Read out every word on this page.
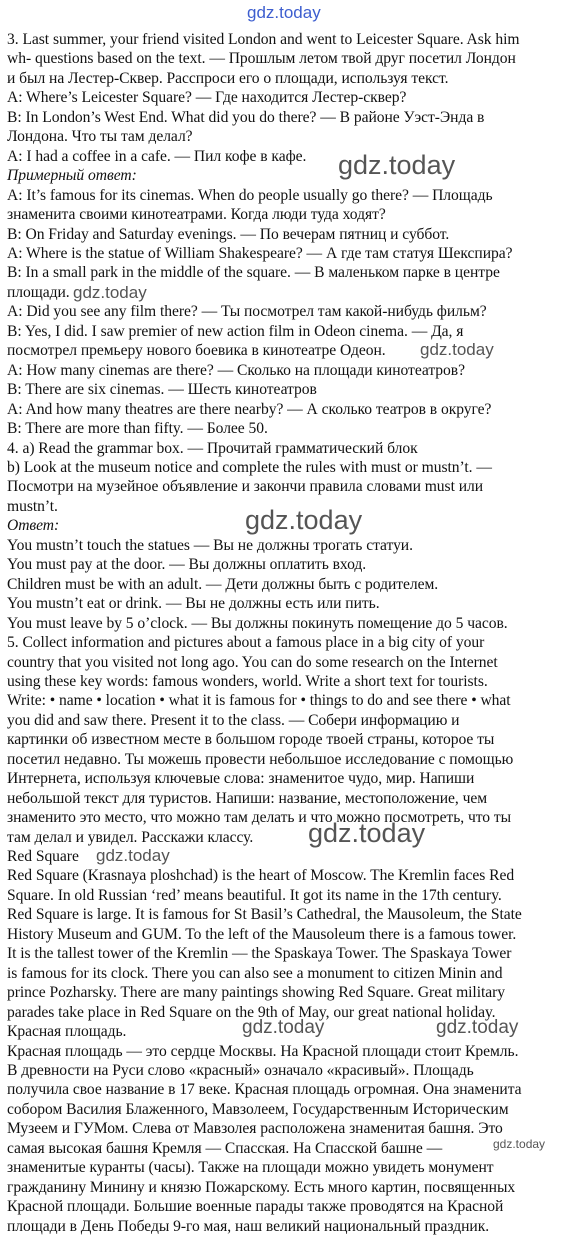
gdz.today
3. Last summer, your friend visited London and went to Leicester Square. Ask him
wh- questions based on the text. — Прошлым летом твой друг посетил Лондон
и был на Лестер-Сквер. Расспроси его о площади, используя текст.
A: Where’s Leicester Square? — Где находится Лестер-сквер?
B: In London’s West End. What did you do there? — В районе Уэст-Энда в
Лондона. Что ты там делал?
A: I had a coffee in a cafe. — Пил кофе в кафе.
Примерный ответ:
A: It’s famous for its cinemas. When do people usually go there? — Площадь
знаменита своими кинотеатрами. Когда люди туда ходят?
B: On Friday and Saturday evenings. — По вечерам пятниц и суббот.
A: Where is the statue of William Shakespeare? — А где там статуя Шекспира?
B: In a small park in the middle of the square. — В маленьком парке в центре
площади.
A: Did you see any film there? — Ты посмотрел там какой-нибудь фильм?
B: Yes, I did. I saw premier of new action film in Odeon cinema. — Да, я
посмотрел премьеру нового боевика в кинотеатре Одеон.
A: How many cinemas are there? — Сколько на площади кинотеатров?
B: There are six cinemas. — Шесть кинотеатров
A: And how many theatres are there nearby? — А сколько театров в округе?
B: There are more than fifty. — Более 50.
4. a) Read the grammar box. — Прочитай грамматический блок
b) Look at the museum notice and complete the rules with must or mustn’t. —
Посмотри на музейное объявление и закончи правила словами must или
mustn’t.
Ответ:
You mustn’t touch the statues — Вы не должны трогать статуи.
You must pay at the door. — Вы должны оплатить вход.
Children must be with an adult. — Дети должны быть с родителем.
You mustn’t eat or drink. — Вы не должны есть или пить.
You must leave by 5 o’clock. — Вы должны покинуть помещение до 5 часов.
5. Collect information and pictures about a famous place in a big city of your
country that you visited not long ago. You can do some research on the Internet
using these key words: famous wonders, world. Write a short text for tourists.
Write: • name • location • what it is famous for • things to do and see there • what
you did and saw there. Present it to the class. — Собери информацию и
картинки об известном месте в большом городе твоей страны, которое ты
посетил недавно. Ты можешь провести небольшое исследование с помощью
Интернета, используя ключевые слова: знаменитое чудо, мир. Напиши
небольшой текст для туристов. Напиши: название, местоположение, чем
знаменито это место, что можно там делать и что можно посмотреть, что ты
там делал и увидел. Расскажи классу.
Red Square
Red Square (Krasnaya ploshchad) is the heart of Moscow. The Kremlin faces Red
Square. In old Russian ‘red’ means beautiful. It got its name in the 17th century.
Red Square is large. It is famous for St Basil’s Cathedral, the Mausoleum, the State
History Museum and GUM. To the left of the Mausoleum there is a famous tower.
It is the tallest tower of the Kremlin — the Spaskaya Tower. The Spaskaya Tower
is famous for its clock. There you can also see a monument to citizen Minin and
prince Pozharsky. There are many paintings showing Red Square. Great military
parades take place in Red Square on the 9th of May, our great national holiday.
Красная площадь.
Красная площадь — это сердце Москвы. На Красной площади стоит Кремль.
В древности на Руси слово «красный» означало «красивый». Площадь
получила свое название в 17 веке. Красная площадь огромная. Она знаменита
собором Василия Блаженного, Мавзолеем, Государственным Историческим
Музеем и ГУМом. Слева от Мавзолея расположена знаменитая башня. Это
самая высокая башня Кремля — Спасская. На Спасской башне —
знаменитые куранты (часы). Также на площади можно увидеть монумент
гражданину Минину и князю Пожарскому. Есть много картин, посвященных
Красной площади. Большие военные парады также проводятся на Красной
площади в День Победы 9-го мая, наш великий национальный праздник.
gdz.today
gdz.today
gdz.today
gdz.today
gdz.today
gdz.today
gdz.today	gdz.today
gdz.today
